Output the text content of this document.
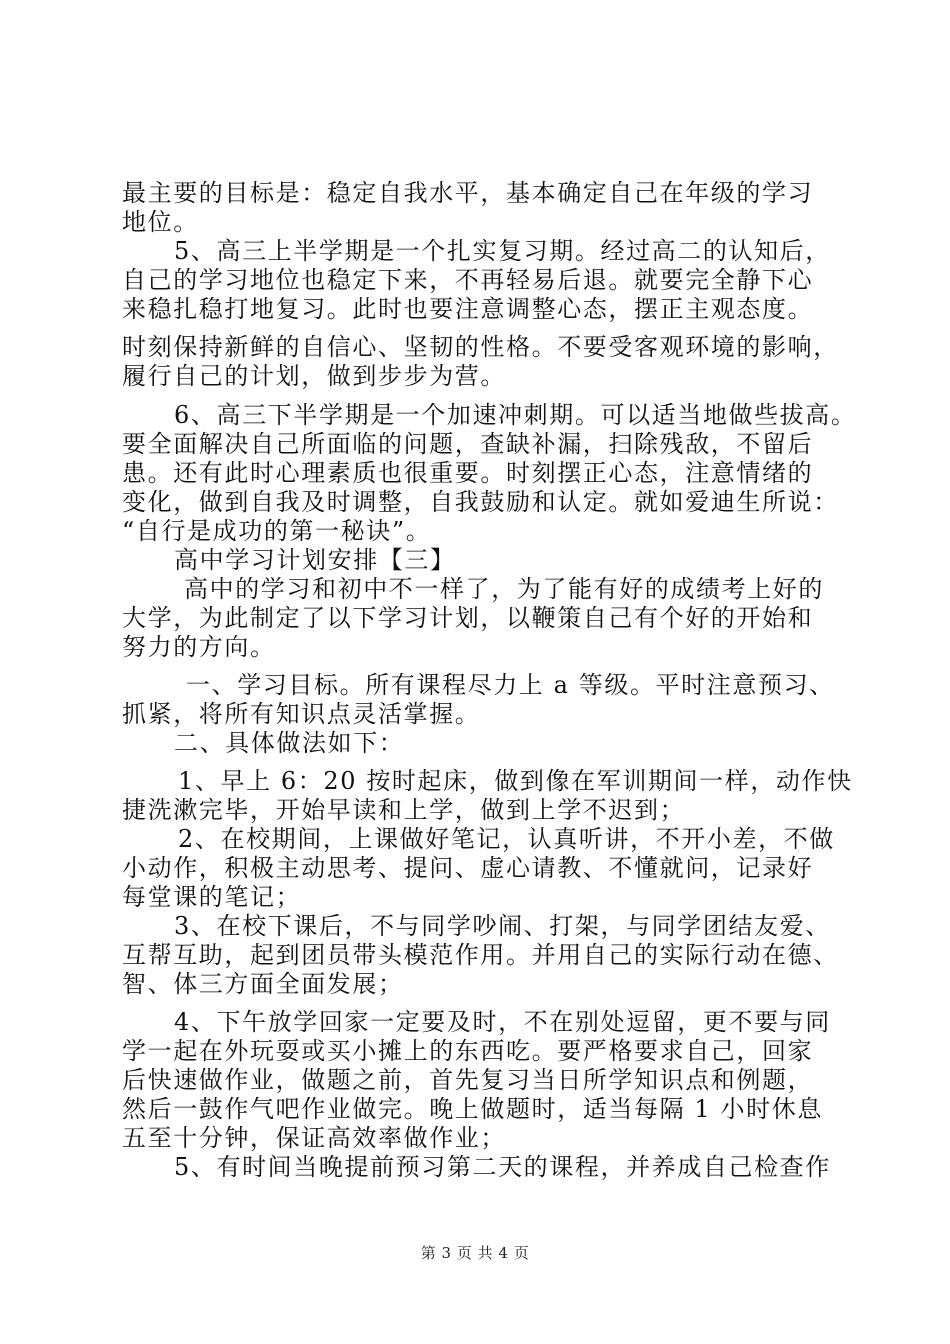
最主要的目标是：稳定自我水平，基本确定自己在年级的学习
地位。
5、高三上半学期是一个扎实复习期。经过高二的认知后，
自己的学习地位也稳定下来，不再轻易后退。就要完全静下心
来稳扎稳打地复习。此时也要注意调整心态，摆正主观态度。
时刻保持新鲜的自信心、坚韧的性格。不要受客观环境的影响，
履行自己的计划，做到步步为营。
6、高三下半学期是一个加速冲刺期。可以适当地做些拔高。
要全面解决自己所面临的问题，查缺补漏，扫除残敌，不留后
患。还有此时心理素质也很重要。时刻摆正心态，注意情绪的
变化，做到自我及时调整，自我鼓励和认定。就如爱迪生所说：
“自行是成功的第一秘诀”。
高中学习计划安排【三】
高中的学习和初中不一样了，为了能有好的成绩考上好的
大学，为此制定了以下学习计划，以鞭策自己有个好的开始和
努力的方向。
一、学习目标。所有课程尽力上 a 等级。平时注意预习、
抓紧，将所有知识点灵活掌握。
二、具体做法如下：
1、早上 6：20 按时起床，做到像在军训期间一样，动作快
捷洗漱完毕，开始早读和上学，做到上学不迟到；
2、在校期间，上课做好笔记，认真听讲，不开小差，不做
小动作，积极主动思考、提问、虚心请教、不懂就问，记录好
每堂课的笔记；
3、在校下课后，不与同学吵闹、打架，与同学团结友爱、
互帮互助，起到团员带头模范作用。并用自己的实际行动在德、
智、体三方面全面发展；
4、下午放学回家一定要及时，不在别处逗留，更不要与同
学一起在外玩耍或买小摊上的东西吃。要严格要求自己，回家
后快速做作业，做题之前，首先复习当日所学知识点和例题，
然后一鼓作气吧作业做完。晚上做题时，适当每隔 1 小时休息
五至十分钟，保证高效率做作业；
5、有时间当晚提前预习第二天的课程，并养成自己检查作
第 3 页 共 4 页
